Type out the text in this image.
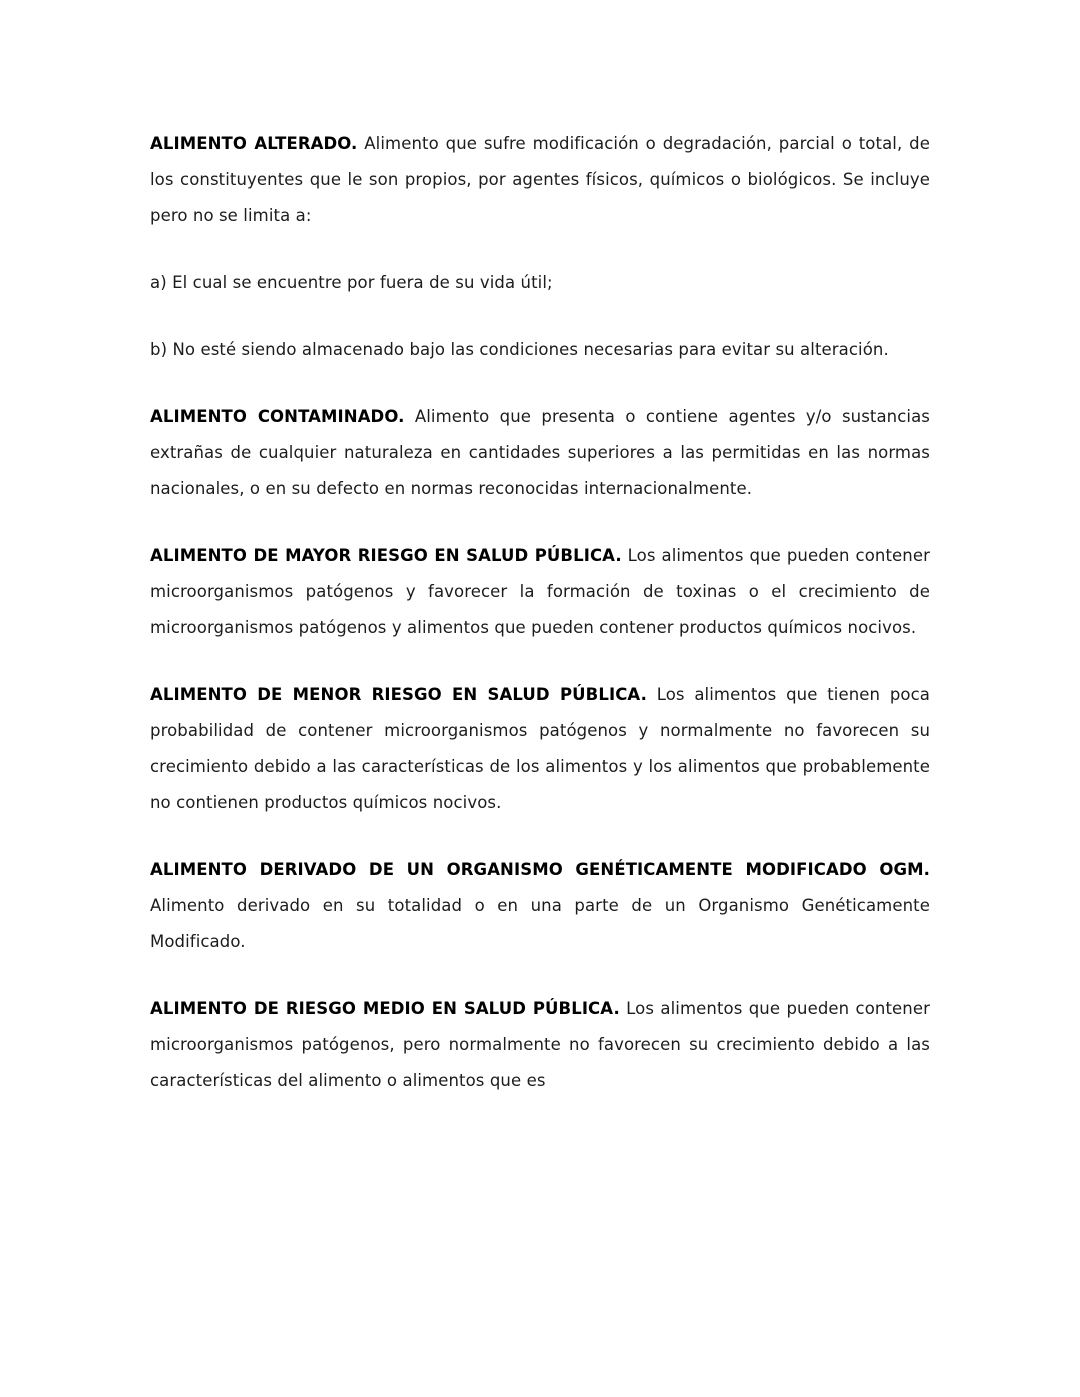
ALIMENTO ALTERADO. Alimento que sufre modificación o degradación, parcial o total, de los constituyentes que le son propios, por agentes físicos, químicos o biológicos. Se incluye pero no se limita a:

a) El cual se encuentre por fuera de su vida útil;

b) No esté siendo almacenado bajo las condiciones necesarias para evitar su alteración.

ALIMENTO CONTAMINADO. Alimento que presenta o contiene agentes y/o sustancias extrañas de cualquier naturaleza en cantidades superiores a las permitidas en las normas nacionales, o en su defecto en normas reconocidas internacionalmente.

ALIMENTO DE MAYOR RIESGO EN SALUD PÚBLICA. Los alimentos que pueden contener microorganismos patógenos y favorecer la formación de toxinas o el crecimiento de microorganismos patógenos y alimentos que pueden contener productos químicos nocivos.

ALIMENTO DE MENOR RIESGO EN SALUD PÚBLICA. Los alimentos que tienen poca probabilidad de contener microorganismos patógenos y normalmente no favorecen su crecimiento debido a las características de los alimentos y los alimentos que probablemente no contienen productos químicos nocivos.

ALIMENTO DERIVADO DE UN ORGANISMO GENÉTICAMENTE MODIFICADO OGM. Alimento derivado en su totalidad o en una parte de un Organismo Genéticamente Modificado.

ALIMENTO DE RIESGO MEDIO EN SALUD PÚBLICA. Los alimentos que pueden contener microorganismos patógenos, pero normalmente no favorecen su crecimiento debido a las características del alimento o alimentos que es
